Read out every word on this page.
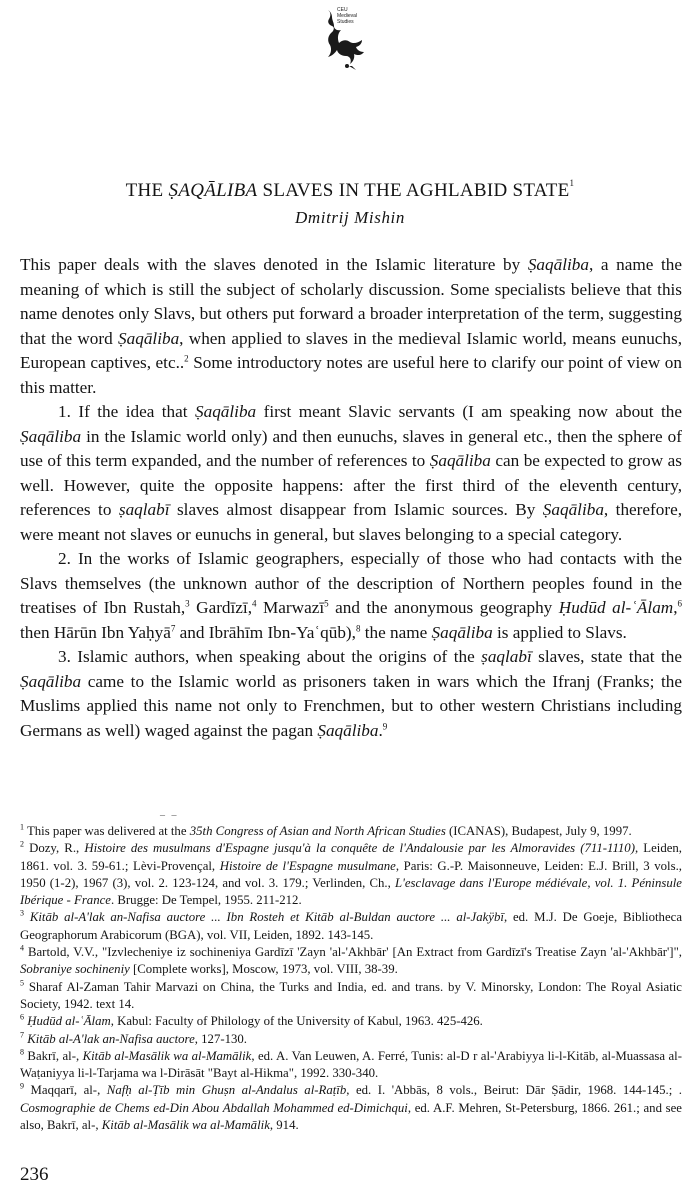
CEU
Medieval
Studies
THE ṢAQĀLIBA SLAVES IN THE AGHLABID STATE$^1$
Dmitrij Mishin

This paper deals with the slaves denoted in the Islamic literature by Ṣaqāliba, a name the meaning of which is still the subject of scholarly discussion. Some specialists believe that this name denotes only Slavs, but others put forward a broader interpretation of the term, suggesting that the word Ṣaqāliba, when applied to slaves in the medieval Islamic world, means eunuchs, European captives, etc..$^2$ Some introductory notes are useful here to clarify our point of view on this matter.

1. If the idea that Ṣaqāliba first meant Slavic servants (I am speaking now about the Ṣaqāliba in the Islamic world only) and then eunuchs, slaves in general etc., then the sphere of use of this term expanded, and the number of references to Ṣaqāliba can be expected to grow as well. However, quite the opposite happens: after the first third of the eleventh century, references to ṣaqlabī slaves almost disappear from Islamic sources. By Ṣaqāliba, therefore, were meant not slaves or eunuchs in general, but slaves belonging to a special category.

2. In the works of Islamic geographers, especially of those who had contacts with the Slavs themselves (the unknown author of the description of Northern peoples found in the treatises of Ibn Rustah,$^3$ Gardīzī,$^4$ Marwazī$^5$ and the anonymous geography Ḥudūd al-ʿĀlam,$^6$ then Hārūn Ibn Yaḥyā$^7$ and Ibrāhīm Ibn-Yaʿqūb),$^8$ the name Ṣaqāliba is applied to Slavs.

3. Islamic authors, when speaking about the origins of the ṣaqlabī slaves, state that the Ṣaqāliba came to the Islamic world as prisoners taken in wars which the Ifranj (Franks; the Muslims applied this name not only to Frenchmen, but to other western Christians including Germans as well) waged against the pagan Ṣaqāliba.$^9$

_ _

$^1$ This paper was delivered at the 35th Congress of Asian and North African Studies (ICANAS), Budapest, July 9, 1997.

$^2$ Dozy, R., Histoire des musulmans d'Espagne jusqu'à la conquête de l'Andalousie par les Almoravides (711-1110), Leiden, 1861. vol. 3. 59-61.; Lèvi-Provençal, Histoire de l'Espagne musulmane, Paris: G.-P. Maisonneuve, Leiden: E.J. Brill, 3 vols., 1950 (1-2), 1967 (3), vol. 2. 123-124, and vol. 3. 179.; Verlinden, Ch., L'esclavage dans l'Europe médiévale, vol. 1. Péninsule Ibérique - France. Brugge: De Tempel, 1955. 211-212.

$^3$ Kitāb al-A'lak an-Nafisa auctore ... Ibn Rosteh et Kitāb al-Buldan auctore ... al-Jakÿbī, ed. M.J. De Goeje, Bibliotheca Geographorum Arabicorum (BGA), vol. VII, Leiden, 1892. 143-145.

$^4$ Bartold, V.V., "Izvlecheniye iz sochineniya Gardīzī 'Zayn 'al-'Akhbār' [An Extract from Gardīzī's Treatise Zayn 'al-'Akhbār']", Sobraniye sochineniy [Complete works], Moscow, 1973, vol. VIII, 38-39.

$^5$ Sharaf Al-Zaman Tahir Marvazi on China, the Turks and India, ed. and trans. by V. Minorsky, London: The Royal Asiatic Society, 1942. text 14.

$^6$ Ḥudūd al-ʿĀlam, Kabul: Faculty of Philology of the University of Kabul, 1963. 425-426.

$^7$ Kitāb al-A'lak an-Nafisa auctore, 127-130.

$^8$ Bakrī, al-, Kitāb al-Masālik wa al-Mamālik, ed. A. Van Leuwen, A. Ferré, Tunis: al-D r al-'Arabiyya li-l-Kitāb, al-Muassasa al-Waṭaniyya li-l-Tarjama wa l-Dirāsāt "Bayt al-Hikma", 1992. 330-340.

$^9$ Maqqarī, al-, Nafḥ al-Ṭīb min Ghuṣn al-Andalus al-Raṭīb, ed. I. 'Abbās, 8 vols., Beirut: Dār Ṣādir, 1968. 144-145.; . Cosmographie de Chems ed-Din Abou Abdallah Mohammed ed-Dimichqui, ed. A.F. Mehren, St-Petersburg, 1866. 261.; and see also, Bakrī, al-, Kitāb al-Masālik wa al-Mamālik, 914.

236
